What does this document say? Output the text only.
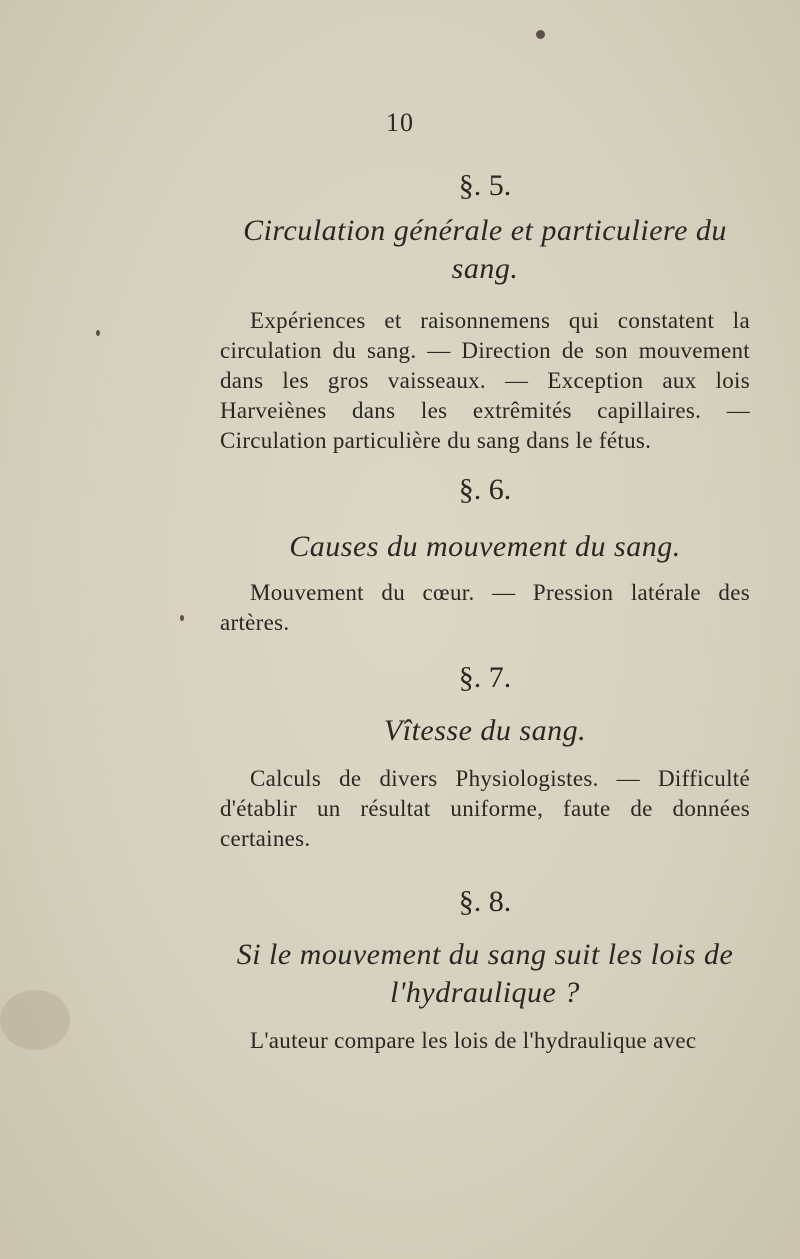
10
§. 5.
Circulation générale et particuliere du sang.
Expériences et raisonnemens qui constatent la circulation du sang. — Direction de son mouvement dans les gros vaisseaux. — Exception aux lois Harveiènes dans les extrêmités capillaires. — Circulation particulière du sang dans le fétus.
§. 6.
Causes du mouvement du sang.
Mouvement du cœur. — Pression latérale des artères.
§. 7.
Vîtesse du sang.
Calculs de divers Physiologistes. — Difficulté d'établir un résultat uniforme, faute de données certaines.
§. 8.
Si le mouvement du sang suit les lois de l'hydraulique ?
L'auteur compare les lois de l'hydraulique avec
